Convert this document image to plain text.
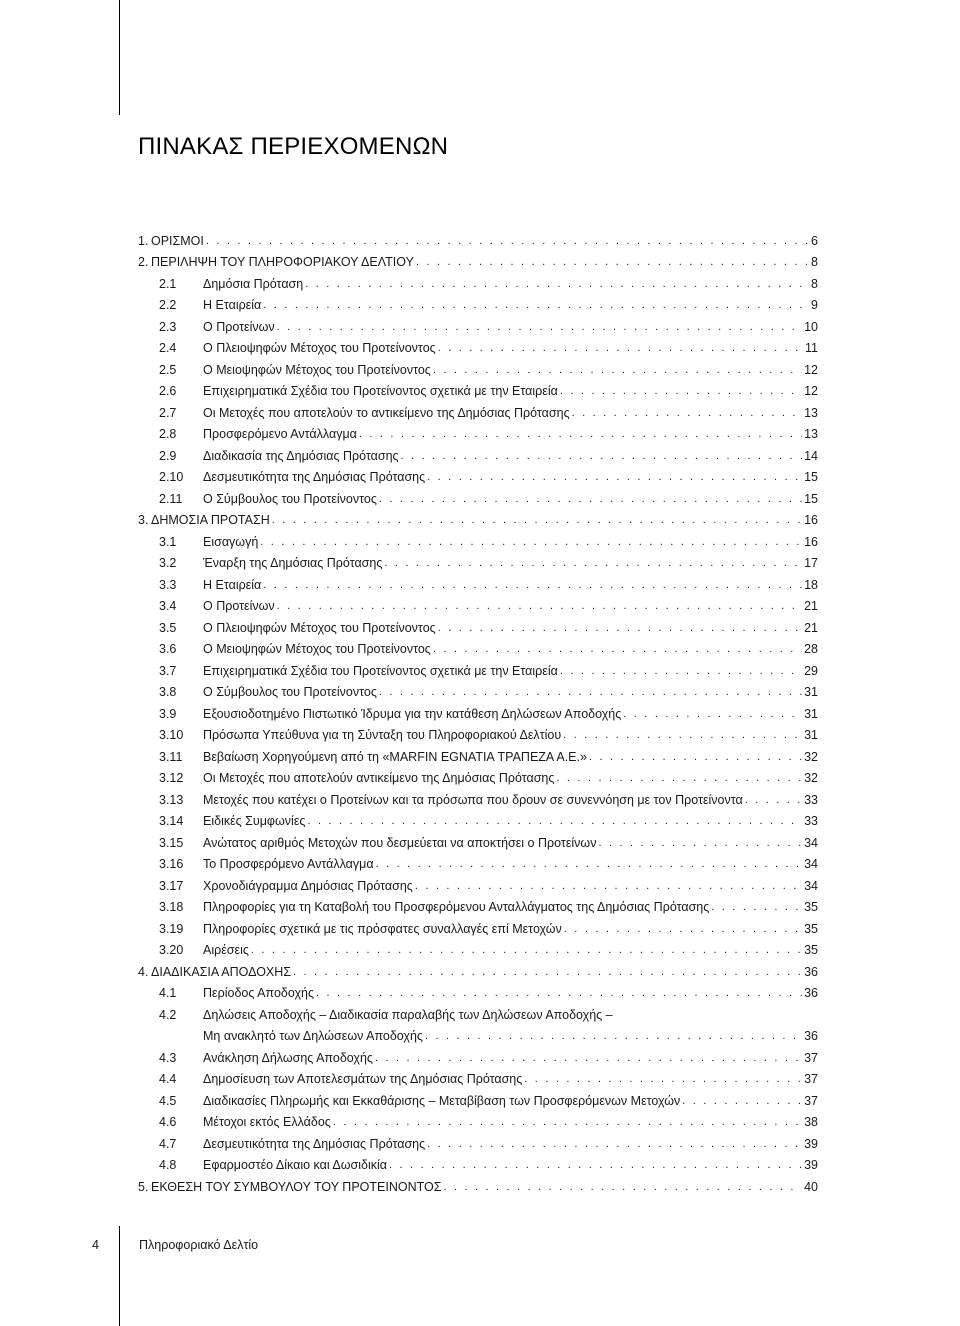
ΠΙΝΑΚΑΣ ΠΕΡΙΕΧΟΜΕΝΩΝ
1. ΟΡΙΣΜΟΙ . . .	6
2. ΠΕΡΙΛΗΨΗ ΤΟΥ ΠΛΗΡΟΦΟΡΙΑΚΟΥ ΔΕΛΤΙΟΥ . . .	8
2.1	Δημόσια Πρόταση . . .	8
2.2	Η Εταιρεία . . .	9
2.3	Ο Προτείνων . . .	10
2.4	Ο Πλειοψηφών Μέτοχος του Προτείνοντος . . .	11
2.5	Ο Μειοψηφών Μέτοχος του Προτείνοντος . . .	12
2.6	Επιχειρηματικά Σχέδια του Προτείνοντος σχετικά με την Εταιρεία . . .	12
2.7	Οι Μετοχές που αποτελούν το αντικείμενο της Δημόσιας Πρότασης . . .	13
2.8	Προσφερόμενο Αντάλλαγμα . . .	13
2.9	Διαδικασία της Δημόσιας Πρότασης . . .	14
2.10	Δεσμευτικότητα της Δημόσιας Πρότασης . . .	15
2.11	Ο Σύμβουλος του Προτείνοντος . . .	15
3. ΔΗΜΟΣΙΑ ΠΡΟΤΑΣΗ . . .	16
3.1	Εισαγωγή . . .	16
3.2	Έναρξη της Δημόσιας Πρότασης . . .	17
3.3	Η Εταιρεία . . .	18
3.4	Ο Προτείνων . . .	21
3.5	Ο Πλειοψηφών Μέτοχος του Προτείνοντος . . .	21
3.6	Ο Μειοψηφών Μέτοχος του Προτείνοντος . . .	28
3.7	Επιχειρηματικά Σχέδια του Προτείνοντος σχετικά με την Εταιρεία . . .	29
3.8	Ο Σύμβουλος του Προτείνοντος . . .	31
3.9	Εξουσιοδοτημένο Πιστωτικό Ίδρυμα για την κατάθεση Δηλώσεων Αποδοχής . . .	31
3.10	Πρόσωπα Υπεύθυνα για τη Σύνταξη του Πληροφοριακού Δελτίου . . .	31
3.11	Βεβαίωση Χορηγούμενη από τη «MARFIN EGNATIA ΤΡΑΠΕΖΑ Α.Ε.» . . .	32
3.12	Οι Μετοχές που αποτελούν αντικείμενο της Δημόσιας Πρότασης . . .	32
3.13	Μετοχές που κατέχει ο Προτείνων και τα πρόσωπα που δρουν σε συνεννόηση με τον Προτείνοντα . . .	33
3.14	Ειδικές Συμφωνίες . . .	33
3.15	Ανώτατος αριθμός Μετοχών που δεσμεύεται να αποκτήσει ο Προτείνων . . .	34
3.16	Το Προσφερόμενο Αντάλλαγμα . . .	34
3.17	Χρονοδιάγραμμα Δημόσιας Πρότασης . . .	34
3.18	Πληροφορίες για τη Καταβολή του Προσφερόμενου Ανταλλάγματος της Δημόσιας Πρότασης . . .	35
3.19	Πληροφορίες σχετικά με τις πρόσφατες συναλλαγές επί Μετοχών . . .	35
3.20	Αιρέσεις . . .	35
4. ΔΙΑΔΙΚΑΣΙΑ ΑΠΟΔΟΧΗΣ . . .	36
4.1	Περίοδος Αποδοχής . . .	36
4.2	Δηλώσεις Αποδοχής – Διαδικασία παραλαβής των Δηλώσεων Αποδοχής –
Μη ανακλητό των Δηλώσεων Αποδοχής . . .	36
4.3	Ανάκληση Δήλωσης Αποδοχής . . .	37
4.4	Δημοσίευση των Αποτελεσμάτων της Δημόσιας Πρότασης . . .	37
4.5	Διαδικασίες Πληρωμής και Εκκαθάρισης – Μεταβίβαση των Προσφερόμενων Μετοχών . . .	37
4.6	Μέτοχοι εκτός Ελλάδος . . .	38
4.7	Δεσμευτικότητα της Δημόσιας Πρότασης . . .	39
4.8	Εφαρμοστέο Δίκαιο και Δωσιδικία . . .	39
5. ΕΚΘΕΣΗ ΤΟΥ ΣΥΜΒΟΥΛΟΥ ΤΟΥ ΠΡΟΤΕΙΝΟΝΤΟΣ . . .	40
4	Πληροφοριακό Δελτίο
